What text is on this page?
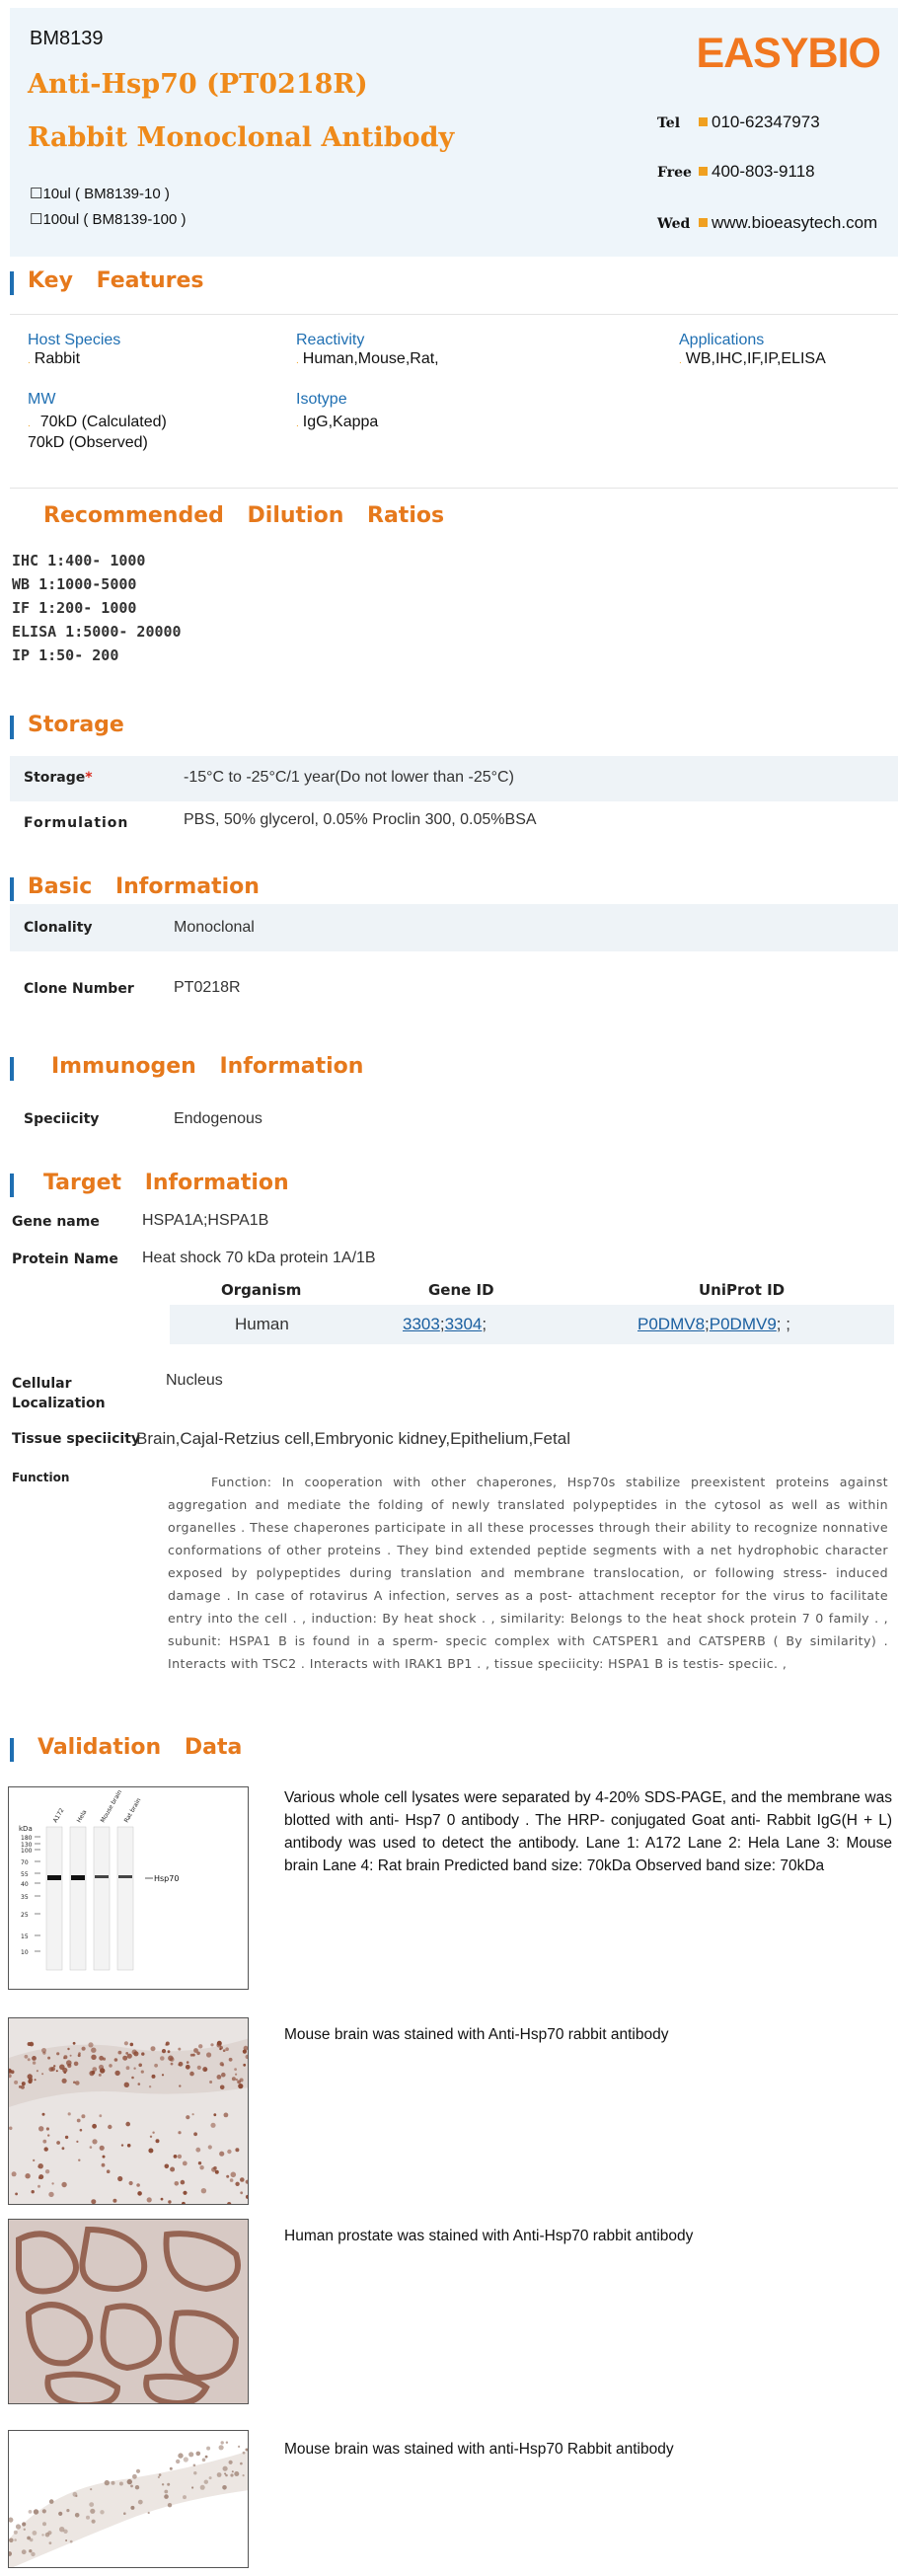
BM8139
Anti-Hsp70 (PT0218R)
Rabbit Monoclonal Antibody
☐10ul ( BM8139-10 )
☐100ul ( BM8139-100 )
EASYBIO
Tel 010-62347973
Free 400-803-9118
Wed www.bioeasytech.com
Key Features
Host Species
. Rabbit
Reactivity
. Human,Mouse,Rat,
Applications
. WB,IHC,IF,IP,ELISA
MW
. 70kD (Calculated)
70kD (Observed)
Isotype
. IgG,Kappa
Recommended Dilution Ratios
IHC 1:400- 1000
WB 1:1000-5000
IF 1:200- 1000
ELISA 1:5000- 20000
IP 1:50- 200
Storage
Storage*	-15°C to -25°C/1 year(Do not lower than -25°C)
Formulation	PBS, 50% glycerol, 0.05% Proclin 300, 0.05%BSA
Basic Information
Clonality	Monoclonal
Clone Number	PT0218R
Immunogen Information
Speciicity	Endogenous
Target Information
Gene name	HSPA1A;HSPA1B
Protein Name Heat shock 70 kDa protein 1A/1B
Organism	Gene ID	UniProt ID
Human	3303;3304;	P0DMV8;P0DMV9; ;
Cellular
Localization
Nucleus
Tissue speciicity
Brain,Cajal-Retzius cell,Embryonic kidney,Epithelium,Fetal
Function	Function: In cooperation with other chaperones, Hsp70s stabilize preexistent proteins against aggregation and mediate the folding of newly translated polypeptides in the cytosol as well as within organelles . These chaperones participate in all these processes through their ability to recognize nonnative conformations of other proteins . They bind extended peptide segments with a net hydrophobic character exposed by polypeptides during translation and membrane translocation, or following stress- induced damage . In case of rotavirus A infection, serves as a post- attachment receptor for the virus to facilitate entry into the cell . , induction: By heat shock . , similarity: Belongs to the heat shock protein 7 0 family . , subunit: HSPA1 B is found in a sperm- specic complex with CATSPER1 and CATSPERB ( By similarity) . Interacts with TSC2 . Interacts with IRAK1 BP1 . , tissue speciicity: HSPA1 B is testis- speciic. ,
Validation Data
kDa
180
130
100
70
55
40
35
25
15
10
A172 Hela Mouse brain Rat brain
Hsp70
Various whole cell lysates were separated by 4-20% SDS-PAGE, and the membrane was blotted with anti- Hsp7 0 antibody . The HRP- conjugated Goat anti- Rabbit IgG(H + L) antibody was used to detect the antibody. Lane 1: A172 Lane 2: Hela Lane 3: Mouse brain Lane 4: Rat brain Predicted band size: 70kDa Observed band size: 70kDa
Mouse brain was stained with Anti-Hsp70 rabbit antibody
Human prostate was stained with Anti-Hsp70 rabbit antibody
Mouse brain was stained with anti-Hsp70 Rabbit antibody
